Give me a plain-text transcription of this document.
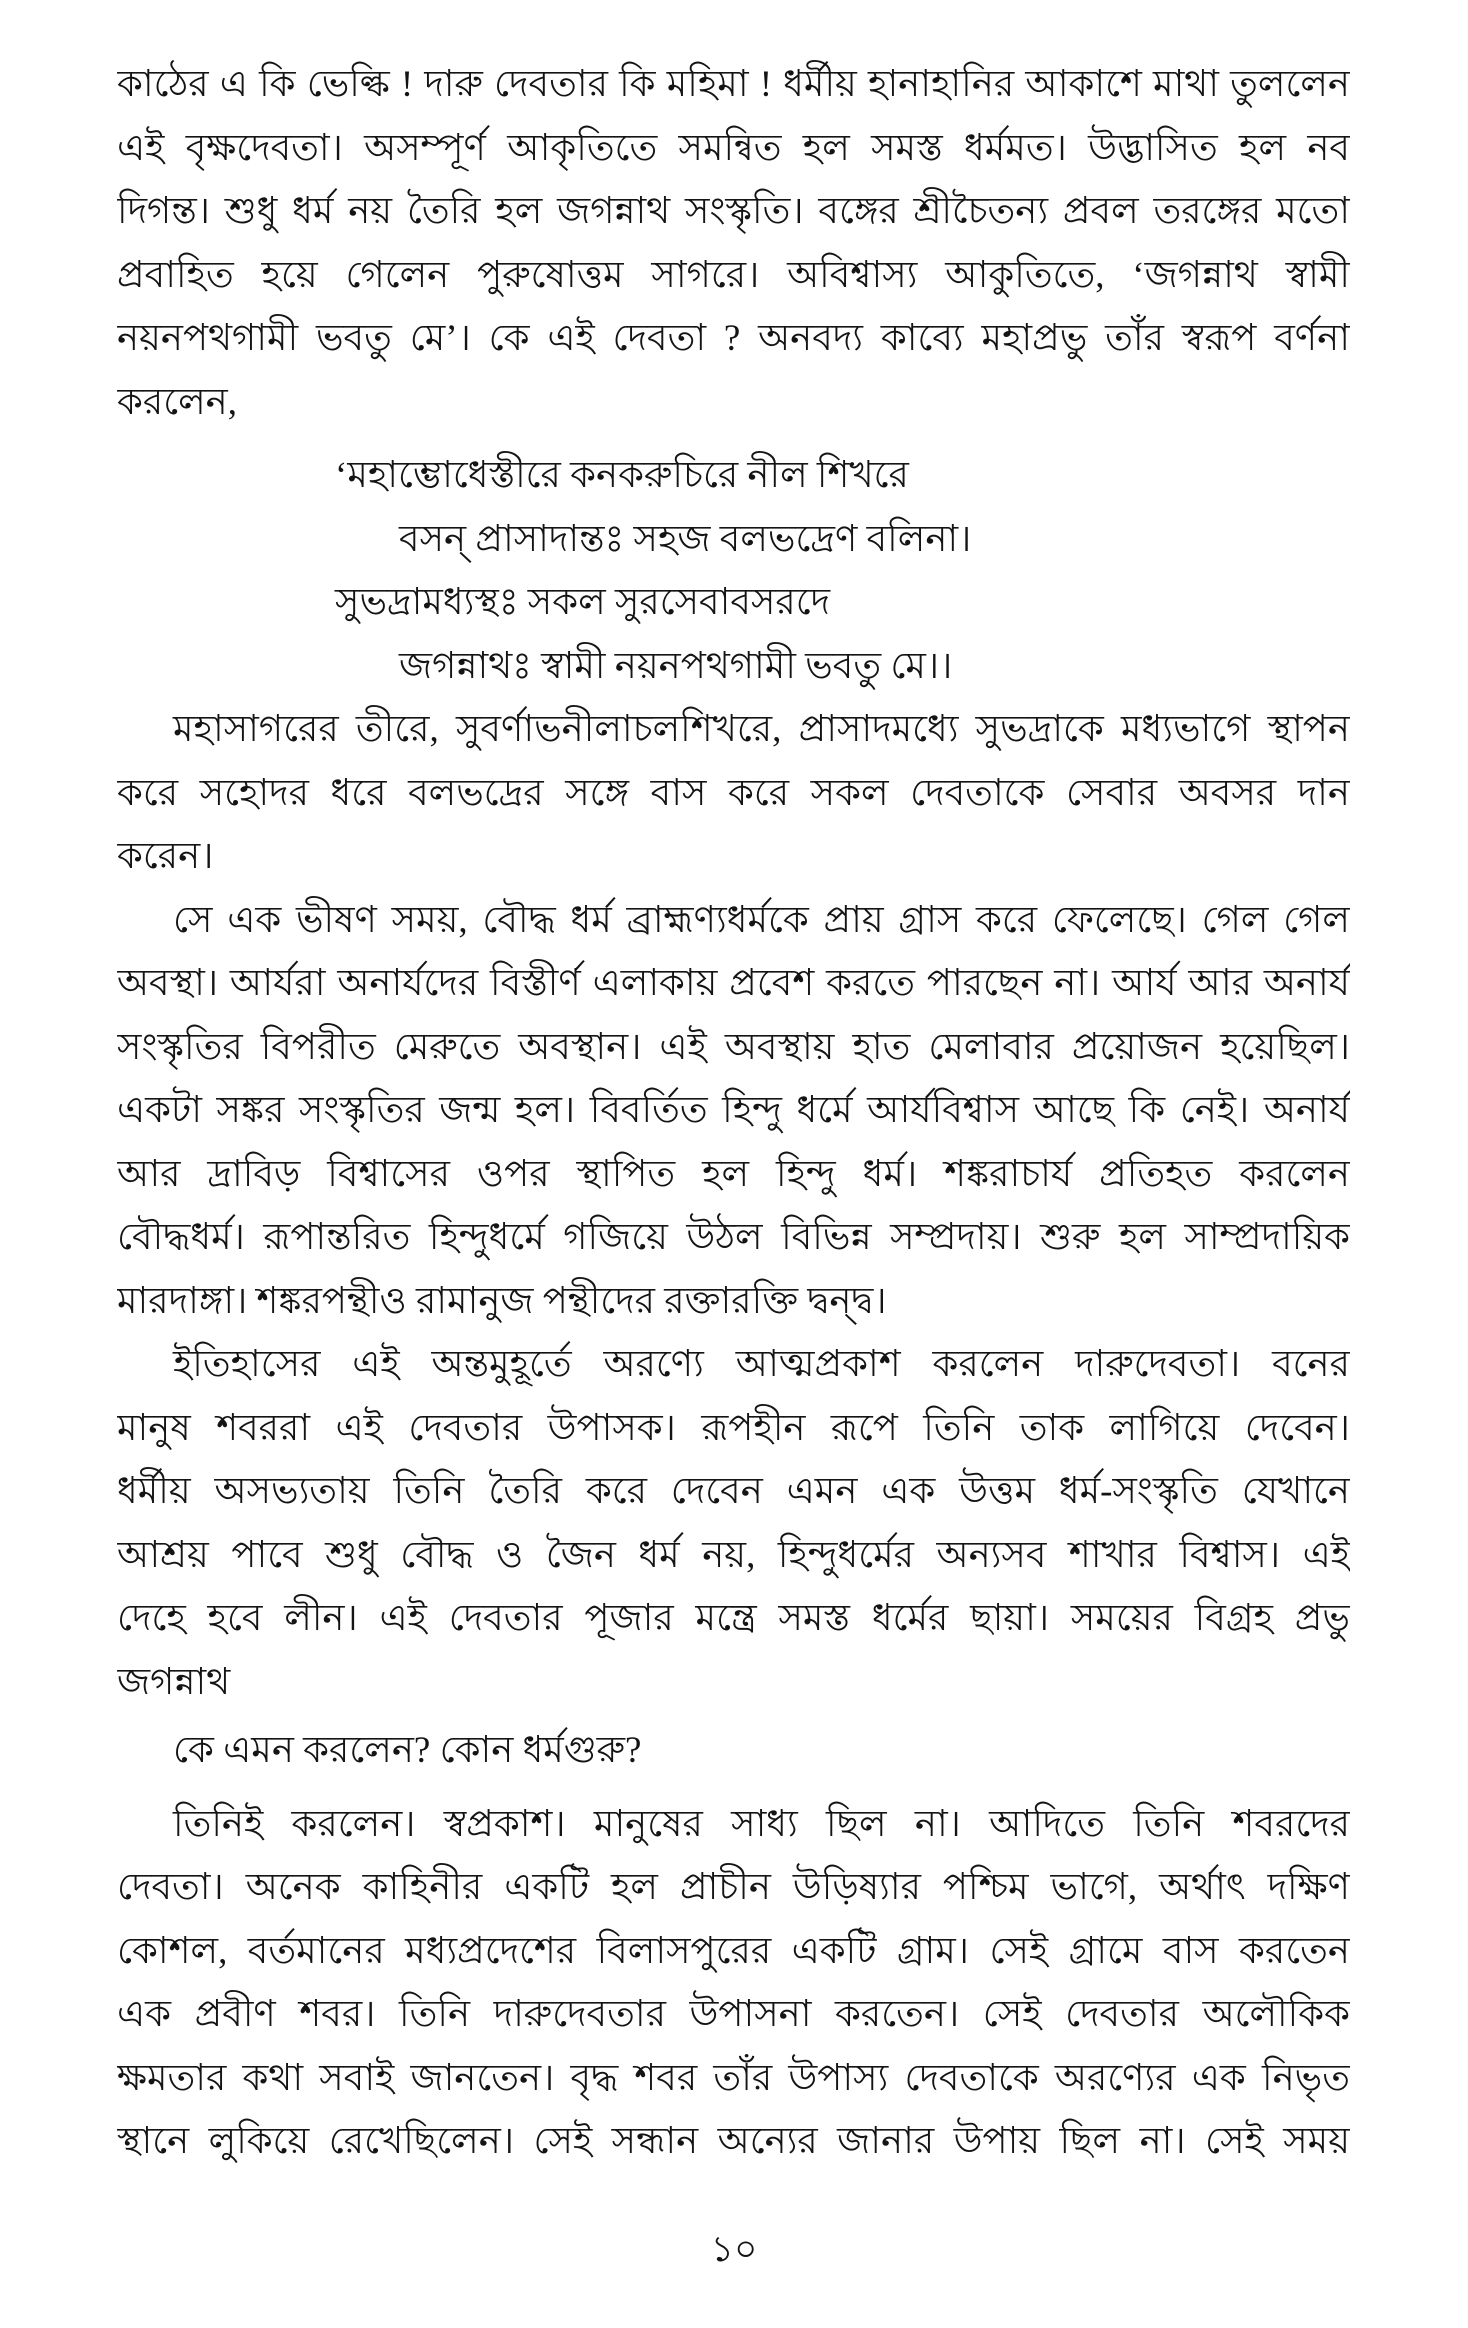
কাঠের এ কি ভেল্কি ! দারু দেবতার কি মহিমা ! ধর্মীয় হানাহানির আকাশে মাথা তুললেন
এই বৃক্ষদেবতা। অসম্পূর্ণ আকৃতিতে সমন্বিত হল সমস্ত ধর্মমত। উদ্ভাসিত হল নব
দিগন্ত। শুধু ধর্ম নয় তৈরি হল জগন্নাথ সংস্কৃতি। বঙ্গের শ্রীচৈতন্য প্রবল তরঙ্গের মতো
প্রবাহিত হয়ে গেলেন পুরুষোত্তম সাগরে। অবিশ্বাস্য আকুতিতে, ‘জগন্নাথ স্বামী
নয়নপথগামী ভবতু মে’। কে এই দেবতা ? অনবদ্য কাব্যে মহাপ্রভু তাঁর স্বরূপ বর্ণনা
করলেন,
‘মহাম্ভোধেস্তীরে কনকরুচিরে নীল শিখরে
বসন্ প্রাসাদান্তঃ সহজ বলভদ্রেণ বলিনা।
সুভদ্রামধ্যস্থঃ সকল সুরসেবাবসরদে
জগন্নাথঃ স্বামী নয়নপথগামী ভবতু মে।।
মহাসাগরের তীরে, সুবর্ণাভনীলাচলশিখরে, প্রাসাদমধ্যে সুভদ্রাকে মধ্যভাগে স্থাপন
করে সহোদর ধরে বলভদ্রের সঙ্গে বাস করে সকল দেবতাকে সেবার অবসর দান
করেন।
সে এক ভীষণ সময়, বৌদ্ধ ধর্ম ব্রাহ্মণ্যধর্মকে প্রায় গ্রাস করে ফেলেছে। গেল গেল
অবস্থা। আর্যরা অনার্যদের বিস্তীর্ণ এলাকায় প্রবেশ করতে পারছেন না। আর্য আর অনার্য
সংস্কৃতির বিপরীত মেরুতে অবস্থান। এই অবস্থায় হাত মেলাবার প্রয়োজন হয়েছিল।
একটা সঙ্কর সংস্কৃতির জন্ম হল। বিবর্তিত হিন্দু ধর্মে আর্যবিশ্বাস আছে কি নেই। অনার্য
আর দ্রাবিড় বিশ্বাসের ওপর স্থাপিত হল হিন্দু ধর্ম। শঙ্করাচার্য প্রতিহত করলেন
বৌদ্ধধর্ম। রূপান্তরিত হিন্দুধর্মে গজিয়ে উঠল বিভিন্ন সম্প্রদায়। শুরু হল সাম্প্রদায়িক
মারদাঙ্গা। শঙ্করপন্থীও রামানুজ পন্থীদের রক্তারক্তি দ্বন্দ্ব।
ইতিহাসের এই অন্তমুহূর্তে অরণ্যে আত্মপ্রকাশ করলেন দারুদেবতা। বনের
মানুষ শবররা এই দেবতার উপাসক। রূপহীন রূপে তিনি তাক লাগিয়ে দেবেন।
ধর্মীয় অসভ্যতায় তিনি তৈরি করে দেবেন এমন এক উত্তম ধর্ম-সংস্কৃতি যেখানে
আশ্রয় পাবে শুধু বৌদ্ধ ও জৈন ধর্ম নয়, হিন্দুধর্মের অন্যসব শাখার বিশ্বাস। এই
দেহে হবে লীন। এই দেবতার পূজার মন্ত্রে সমস্ত ধর্মের ছায়া। সময়ের বিগ্রহ প্রভু
জগন্নাথ
কে এমন করলেন? কোন ধর্মগুরু?
তিনিই করলেন। স্বপ্রকাশ। মানুষের সাধ্য ছিল না। আদিতে তিনি শবরদের
দেবতা। অনেক কাহিনীর একটি হল প্রাচীন উড়িষ্যার পশ্চিম ভাগে, অর্থাৎ দক্ষিণ
কোশল, বর্তমানের মধ্যপ্রদেশের বিলাসপুরের একটি গ্রাম। সেই গ্রামে বাস করতেন
এক প্রবীণ শবর। তিনি দারুদেবতার উপাসনা করতেন। সেই দেবতার অলৌকিক
ক্ষমতার কথা সবাই জানতেন। বৃদ্ধ শবর তাঁর উপাস্য দেবতাকে অরণ্যের এক নিভৃত
স্থানে লুকিয়ে রেখেছিলেন। সেই সন্ধান অন্যের জানার উপায় ছিল না। সেই সময়
১০
